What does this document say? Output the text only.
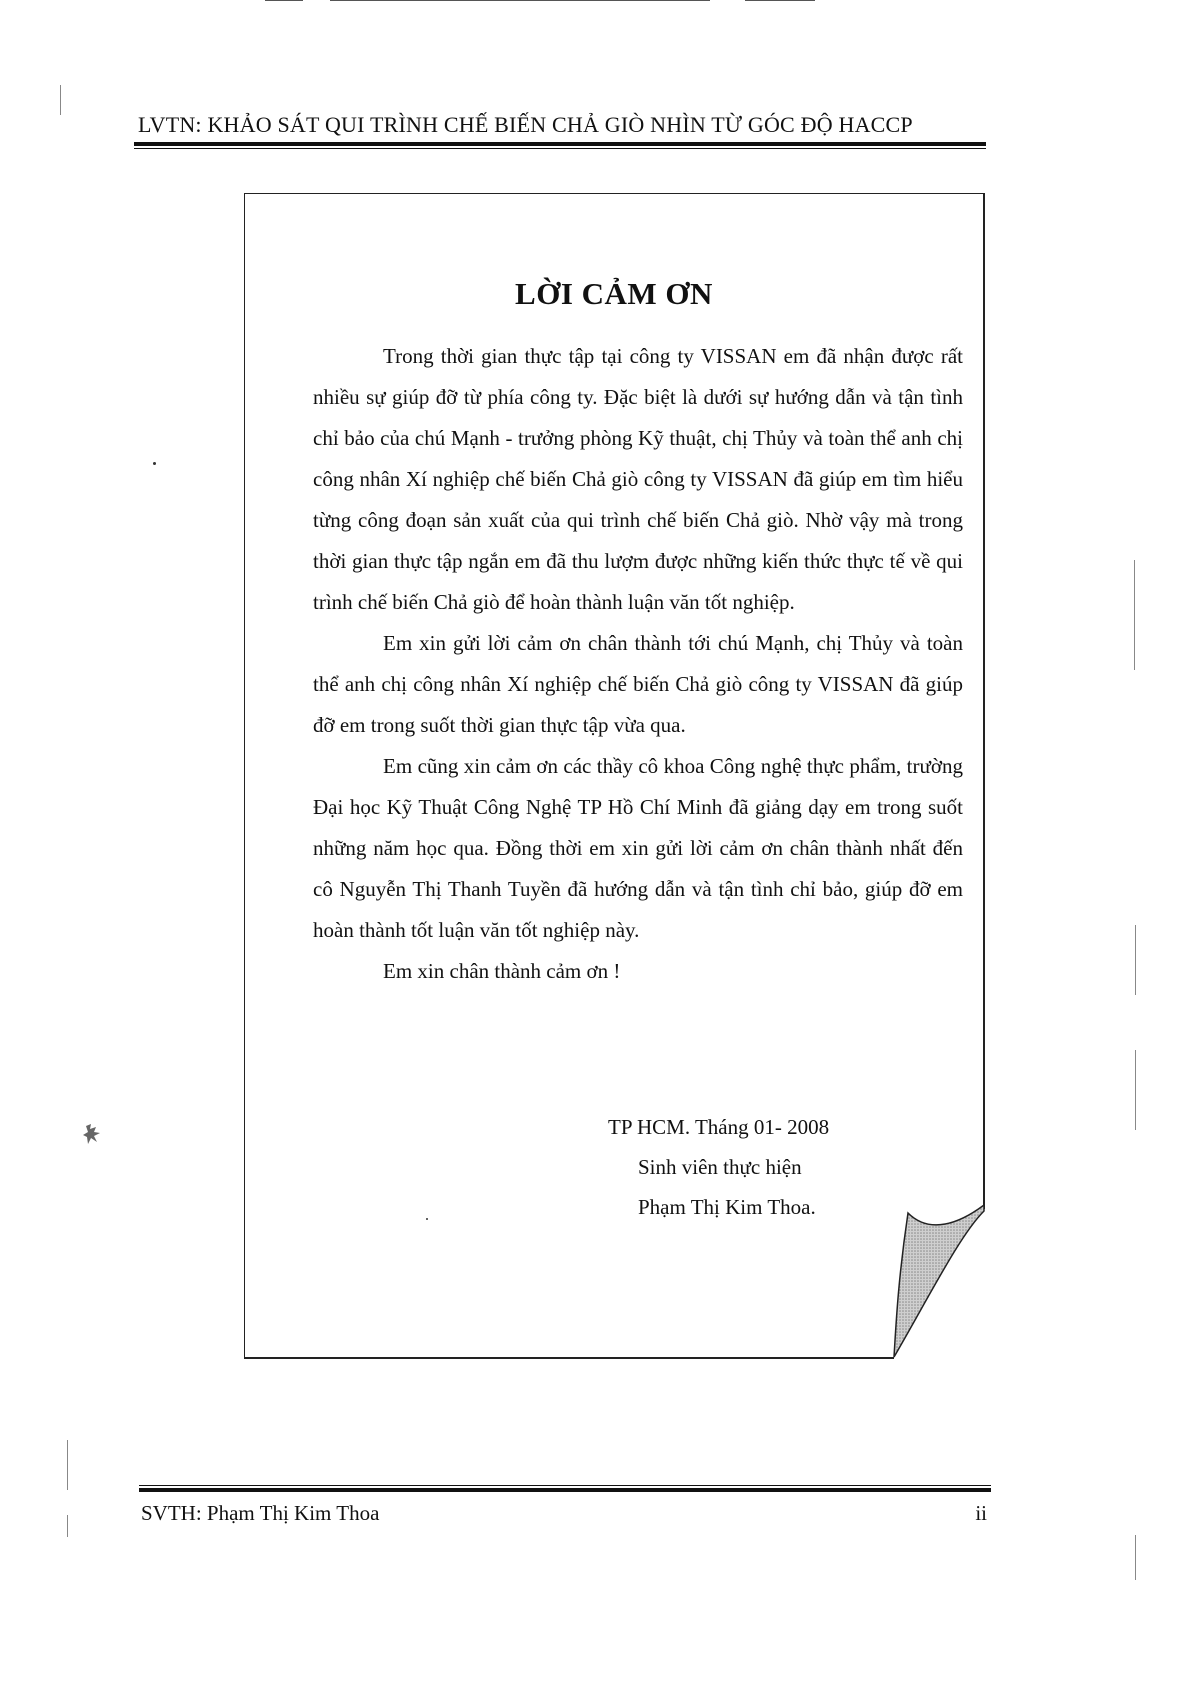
LVTN: KHẢO SÁT QUI TRÌNH CHẾ BIẾN CHẢ GIÒ NHÌN TỪ GÓC ĐỘ HACCP
LỜI CẢM ƠN

Trong thời gian thực tập tại công ty VISSAN em đã nhận được rất nhiều sự giúp đỡ từ phía công ty. Đặc biệt là dưới sự hướng dẫn và tận tình chỉ bảo của chú Mạnh - trưởng phòng Kỹ thuật, chị Thủy và toàn thể anh chị công nhân Xí nghiệp chế biến Chả giò công ty VISSAN đã giúp em tìm hiểu từng công đoạn sản xuất của qui trình chế biến Chả giò. Nhờ vậy mà trong thời gian thực tập ngắn em đã thu lượm được những kiến thức thực tế về qui trình chế biến Chả giò để hoàn thành luận văn tốt nghiệp.

Em xin gửi lời cảm ơn chân thành tới chú Mạnh, chị Thủy và toàn thể anh chị công nhân Xí nghiệp chế biến Chả giò công ty VISSAN đã giúp đỡ em trong suốt thời gian thực tập vừa qua.

Em cũng xin cảm ơn các thầy cô khoa Công nghệ thực phẩm, trường Đại học Kỹ Thuật Công Nghệ TP Hồ Chí Minh đã giảng dạy em trong suốt những năm học qua. Đồng thời em xin gửi lời cảm ơn chân thành nhất đến cô Nguyễn Thị Thanh Tuyền đã hướng dẫn và tận tình chỉ bảo, giúp đỡ em hoàn thành tốt luận văn tốt nghiệp này.

Em xin chân thành cảm ơn !

TP HCM. Tháng 01- 2008
Sinh viên thực hiện
Phạm Thị Kim Thoa.
SVTH: Phạm Thị Kim Thoa	ii
